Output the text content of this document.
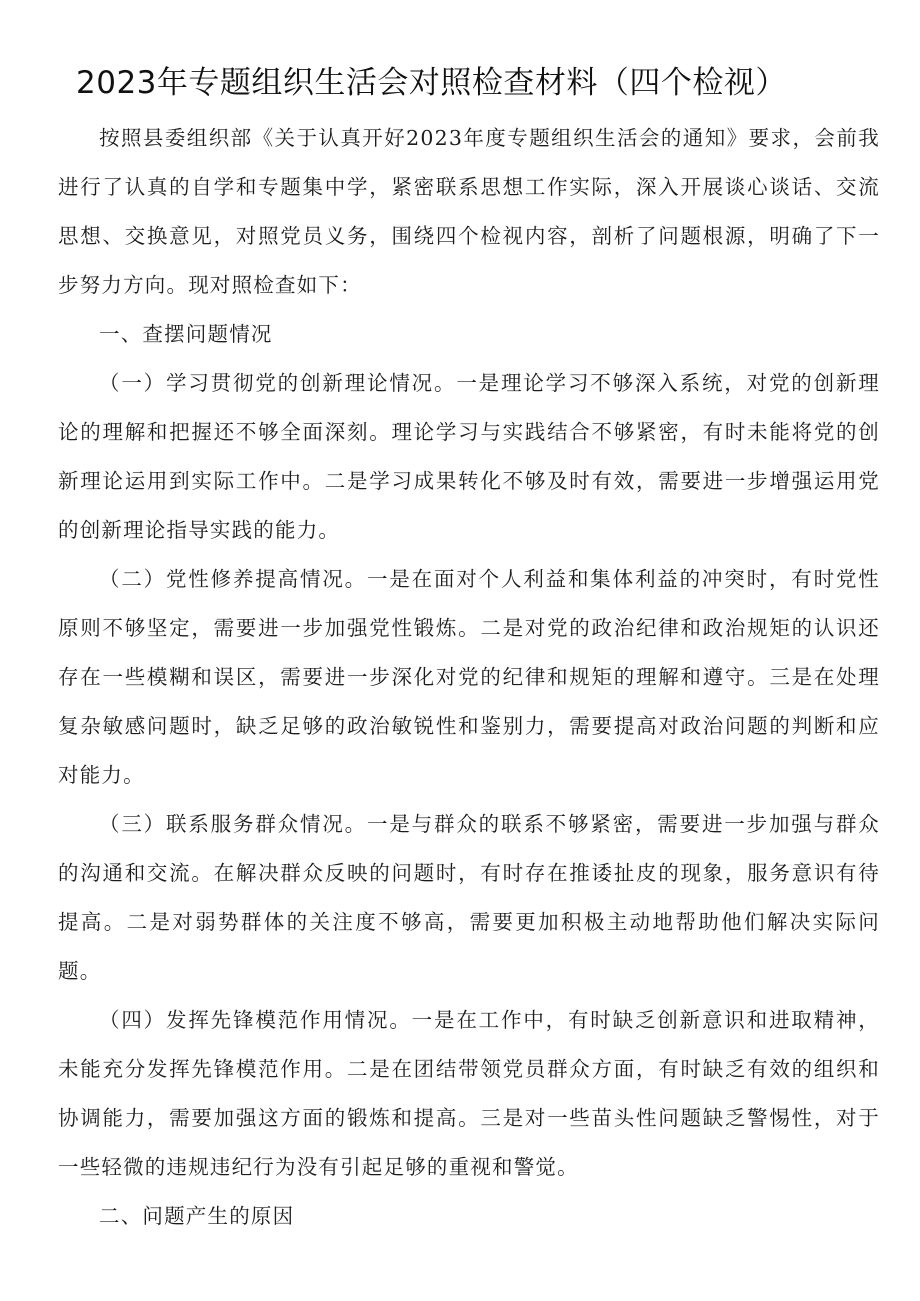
2023年专题组织生活会对照检查材料（四个检视）

按照县委组织部《关于认真开好2023年度专题组织生活会的通知》要求，会前我进行了认真的自学和专题集中学，紧密联系思想工作实际，深入开展谈心谈话、交流思想、交换意见，对照党员义务，围绕四个检视内容，剖析了问题根源，明确了下一步努力方向。现对照检查如下：

一、查摆问题情况

（一）学习贯彻党的创新理论情况。一是理论学习不够深入系统，对党的创新理论的理解和把握还不够全面深刻。理论学习与实践结合不够紧密，有时未能将党的创新理论运用到实际工作中。二是学习成果转化不够及时有效，需要进一步增强运用党的创新理论指导实践的能力。

（二）党性修养提高情况。一是在面对个人利益和集体利益的冲突时，有时党性原则不够坚定，需要进一步加强党性锻炼。二是对党的政治纪律和政治规矩的认识还存在一些模糊和误区，需要进一步深化对党的纪律和规矩的理解和遵守。三是在处理复杂敏感问题时，缺乏足够的政治敏锐性和鉴别力，需要提高对政治问题的判断和应对能力。

（三）联系服务群众情况。一是与群众的联系不够紧密，需要进一步加强与群众的沟通和交流。在解决群众反映的问题时，有时存在推诿扯皮的现象，服务意识有待提高。二是对弱势群体的关注度不够高，需要更加积极主动地帮助他们解决实际问题。

（四）发挥先锋模范作用情况。一是在工作中，有时缺乏创新意识和进取精神，未能充分发挥先锋模范作用。二是在团结带领党员群众方面，有时缺乏有效的组织和协调能力，需要加强这方面的锻炼和提高。三是对一些苗头性问题缺乏警惕性，对于一些轻微的违规违纪行为没有引起足够的重视和警觉。

二、问题产生的原因
